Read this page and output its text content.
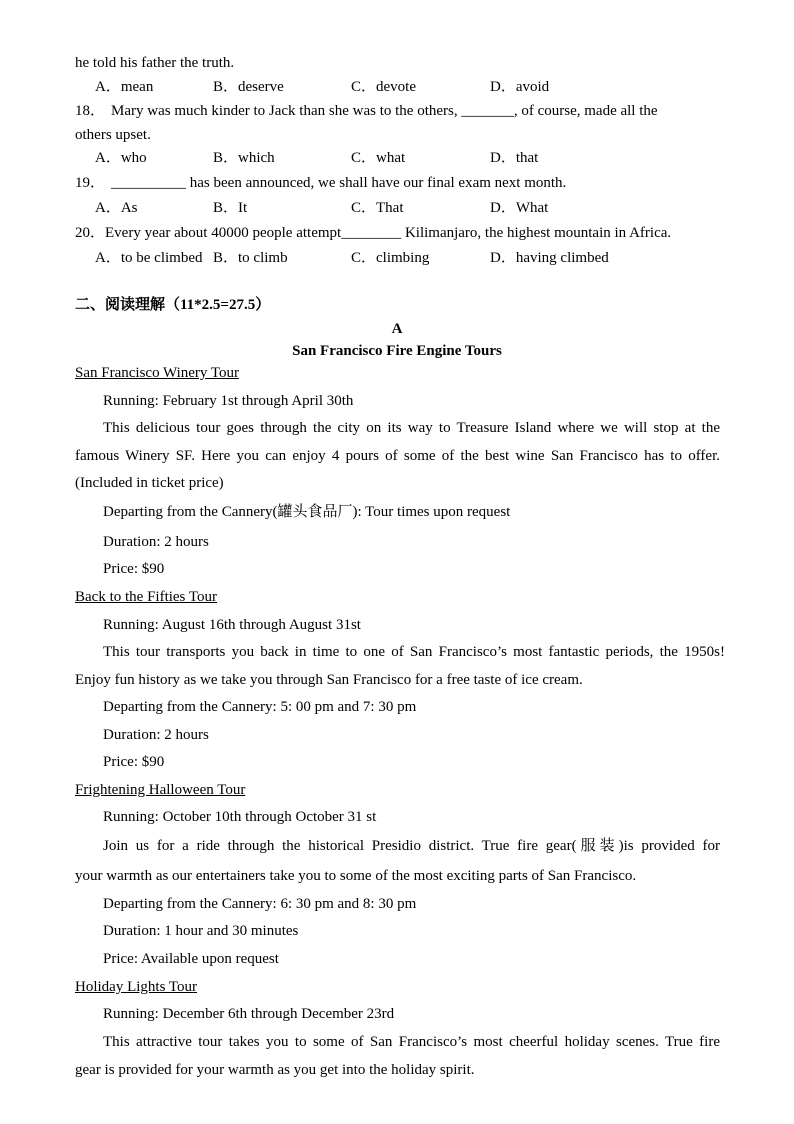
he told his father the truth.
A．mean	B．deserve	C．devote	D．avoid
18． Mary was much kinder to Jack than she was to the others, _______, of course, made all the
others upset.
A．who	B．which	C．what	D．that
19． __________ has been announced, we shall have our final exam next month.
A．As	B．It	C．That	D．What
20．Every year about 40000 people attempt________ Kilimanjaro, the highest mountain in Africa.
A．to be climbed B．to climb	C．climbing	D．having climbed
二、阅读理解（11*2.5=27.5）
A
San Francisco Fire Engine Tours
San Francisco Winery Tour
Running: February 1st through April 30th
This delicious tour goes through the city on its way to Treasure Island where we will stop at the
famous Winery SF. Here you can enjoy 4 pours of some of the best wine San Francisco has to offer.
(Included in ticket price)
Departing from the Cannery(罐头食品厂): Tour times upon request
Duration: 2 hours
Price: $90
Back to the Fifties Tour
Running: August 16th through August 31st
This tour transports you back in time to one of San Francisco’s most fantastic periods, the 1950s!
Enjoy fun history as we take you through San Francisco for a free taste of ice cream.
Departing from the Cannery: 5: 00 pm and 7: 30 pm
Duration: 2 hours
Price: $90
Frightening Halloween Tour
Running: October 10th through October 31 st
Join us for a ride through the historical Presidio district. True fire gear(服装)is provided for
your warmth as our entertainers take you to some of the most exciting parts of San Francisco.
Departing from the Cannery: 6: 30 pm and 8: 30 pm
Duration: 1 hour and 30 minutes
Price: Available upon request
Holiday Lights Tour
Running: December 6th through December 23rd
This attractive tour takes you to some of San Francisco’s most cheerful holiday scenes. True fire
gear is provided for your warmth as you get into the holiday spirit.
